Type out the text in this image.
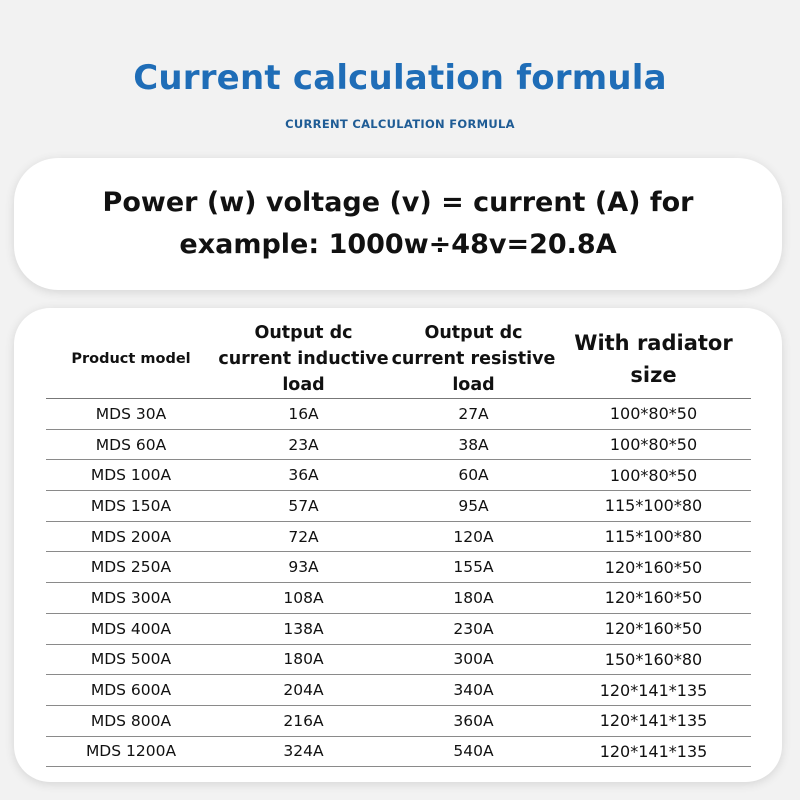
Current calculation formula
CURRENT CALCULATION FORMULA
Power (w) voltage (v) = current (A) for example: 1000w÷48v=20.8A
Product model	Output dc current inductive load	Output dc current resistive load	With radiator size
MDS 30A	16A	27A	100*80*50
MDS 60A	23A	38A	100*80*50
MDS 100A	36A	60A	100*80*50
MDS 150A	57A	95A	115*100*80
MDS 200A	72A	120A	115*100*80
MDS 250A	93A	155A	120*160*50
MDS 300A	108A	180A	120*160*50
MDS 400A	138A	230A	120*160*50
MDS 500A	180A	300A	150*160*80
MDS 600A	204A	340A	120*141*135
MDS 800A	216A	360A	120*141*135
MDS 1200A	324A	540A	120*141*135
